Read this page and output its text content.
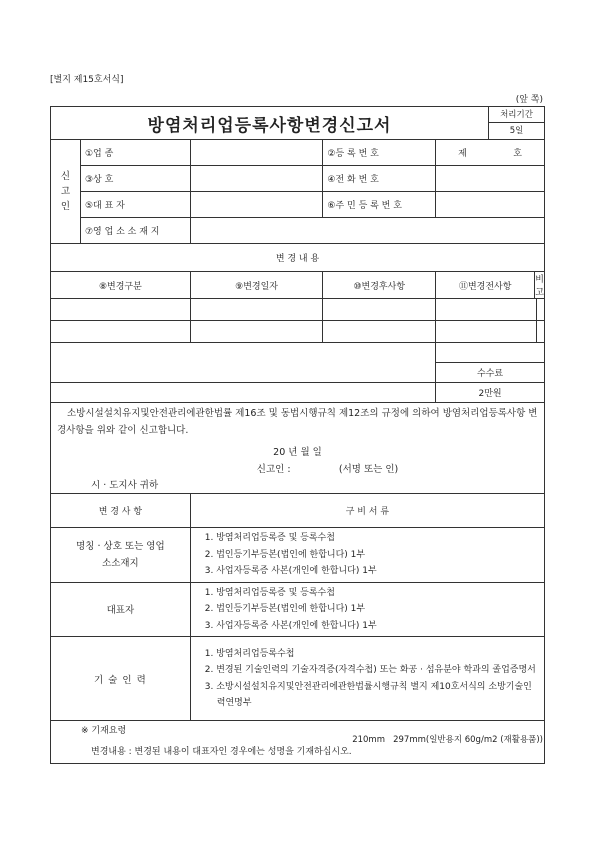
[별지 제15호서식]
(앞 쪽)
방염처리업등록사항변경신고서	
처리기간
5일

신 고 인

①업 종		②등 록 번 호	제	호

③상 호		④전 화 번 호

⑤대 표 자		⑥주 민 등 록 번 호

⑦영 업 소 소 재 지

변 경 내 용
⑧변경구분	⑨변경일자	⑩변경후사항		⑪변경전사항	비 고

수수료
	2만원

소방시설설치유지및안전관리에관한법률 제16조 및 동법시행규칙 제12조의 규정에 의하여 방염처리업등록사항 변경사항을 위와 같이 신고합니다.
20 년 월 일
신고인 :                (서명 또는 인)
시 · 도지사 귀하

변 경 사 항	구 비 서 류
명칭 · 상호 또는 영업소소재지	
1. 방염처리업등록증 및 등록수첩
2. 법인등기부등본(법인에 한합니다) 1부
3. 사업자등록증 사본(개인에 한합니다) 1부

대표자	
1. 방염처리업등록증 및 등록수첩
2. 법인등기부등본(법인에 한합니다) 1부
3. 사업자등록증 사본(개인에 한합니다) 1부

기 술 인 력	
1. 방염처리업등록수첩
2. 변경된 기술인력의 기술자격증(자격수첩) 또는 화공 · 섬유분야 학과의 졸업증명서
3. 소방시설설치유지및안전관리에관한법률시행규칙 별지 제10호서식의 소방기술인력연명부

※ 기재요령
변경내용 : 변경된 내용이 대표자인 경우에는 성명을 기재하십시오.
210mm   297mm(일반용지 60g/m2 (재활용품))
